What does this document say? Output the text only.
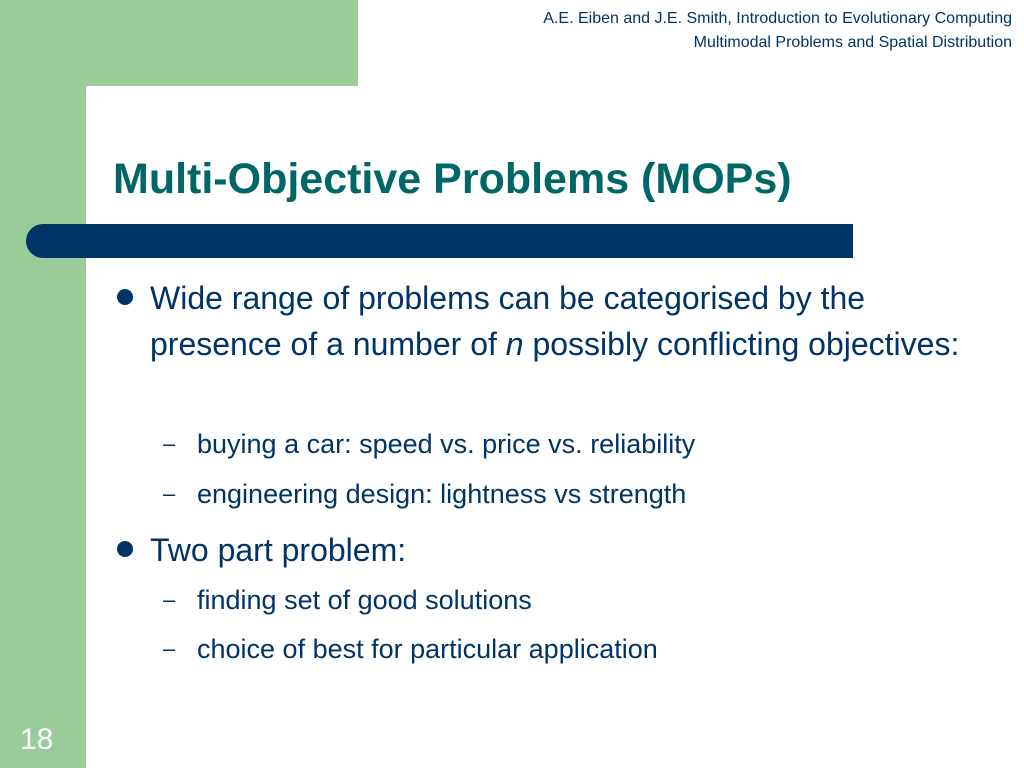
A.E. Eiben and J.E. Smith, Introduction to Evolutionary Computing
Multimodal Problems and Spatial Distribution
Multi-Objective Problems (MOPs)
Wide range of problems can be categorised by the presence of a number of n possibly conflicting objectives:
– buying a car: speed vs. price vs. reliability
– engineering design: lightness vs strength
Two part problem:
– finding set of good solutions
– choice of best for particular application
18
